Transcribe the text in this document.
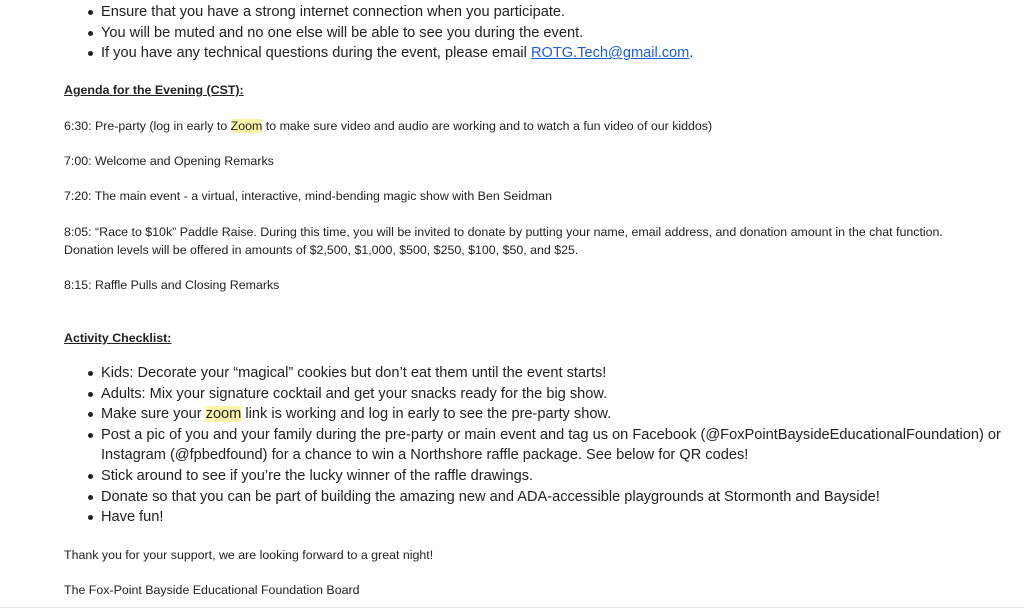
Ensure that you have a strong internet connection when you participate.
You will be muted and no one else will be able to see you during the event.
If you have any technical questions during the event, please email ROTG.Tech@gmail.com.

Agenda for the Evening (CST):

6:30: Pre-party (log in early to Zoom to make sure video and audio are working and to watch a fun video of our kiddos)

7:00: Welcome and Opening Remarks

7:20: The main event - a virtual, interactive, mind-bending magic show with Ben Seidman

8:05: “Race to $10k” Paddle Raise. During this time, you will be invited to donate by putting your name, email address, and donation amount in the chat function. Donation levels will be offered in amounts of $2,500, $1,000, $500, $250, $100, $50, and $25.

8:15: Raffle Pulls and Closing Remarks

Activity Checklist:

Kids: Decorate your “magical” cookies but don’t eat them until the event starts!
Adults: Mix your signature cocktail and get your snacks ready for the big show.
Make sure your zoom link is working and log in early to see the pre-party show.
Post a pic of you and your family during the pre-party or main event and tag us on Facebook (@FoxPointBaysideEducationalFoundation) or Instagram (@fpbedfound) for a chance to win a Northshore raffle package. See below for QR codes!
Stick around to see if you’re the lucky winner of the raffle drawings.
Donate so that you can be part of building the amazing new and ADA-accessible playgrounds at Stormonth and Bayside!
Have fun!

Thank you for your support, we are looking forward to a great night!

The Fox-Point Bayside Educational Foundation Board
